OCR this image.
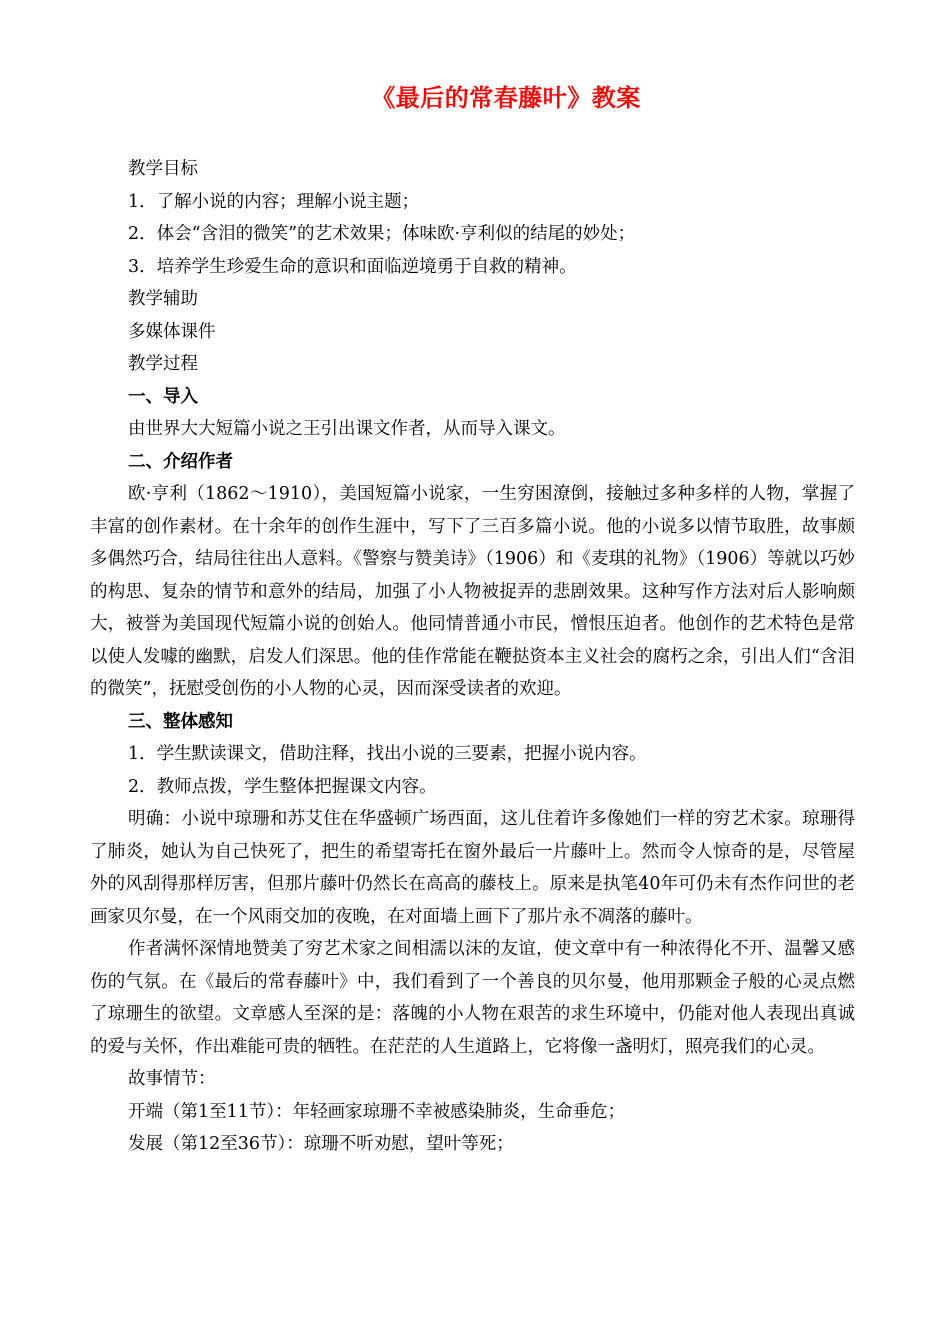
《最后的常春藤叶》教案

教学目标

1．了解小说的内容；理解小说主题；

2．体会“含泪的微笑”的艺术效果；体味欧·亨利似的结尾的妙处；

3．培养学生珍爱生命的意识和面临逆境勇于自救的精神。

教学辅助

多媒体课件

教学过程

一、导入

由世界大大短篇小说之王引出课文作者，从而导入课文。

二、介绍作者

欧·亨利（1862～1910），美国短篇小说家，一生穷困潦倒，接触过多种多样的人物，掌握了丰富的创作素材。在十余年的创作生涯中，写下了三百多篇小说。他的小说多以情节取胜，故事颇多偶然巧合，结局往往出人意料。《警察与赞美诗》（1906）和《麦琪的礼物》（1906）等就以巧妙的构思、复杂的情节和意外的结局，加强了小人物被捉弄的悲剧效果。这种写作方法对后人影响颇大，被誉为美国现代短篇小说的创始人。他同情普通小市民，憎恨压迫者。他创作的艺术特色是常以使人发噱的幽默，启发人们深思。他的佳作常能在鞭挞资本主义社会的腐朽之余，引出人们“含泪的微笑”，抚慰受创伤的小人物的心灵，因而深受读者的欢迎。

三、整体感知

1．学生默读课文，借助注释，找出小说的三要素，把握小说内容。

2．教师点拨，学生整体把握课文内容。

明确：小说中琼珊和苏艾住在华盛顿广场西面，这儿住着许多像她们一样的穷艺术家。琼珊得了肺炎，她认为自己快死了，把生的希望寄托在窗外最后一片藤叶上。然而令人惊奇的是，尽管屋外的风刮得那样厉害，但那片藤叶仍然长在高高的藤枝上。原来是执笔40年可仍未有杰作问世的老画家贝尔曼，在一个风雨交加的夜晚，在对面墙上画下了那片永不凋落的藤叶。

作者满怀深情地赞美了穷艺术家之间相濡以沫的友谊，使文章中有一种浓得化不开、温馨又感伤的气氛。在《最后的常春藤叶》中，我们看到了一个善良的贝尔曼，他用那颗金子般的心灵点燃了琼珊生的欲望。文章感人至深的是：落魄的小人物在艰苦的求生环境中，仍能对他人表现出真诚的爱与关怀，作出难能可贵的牺牲。在茫茫的人生道路上，它将像一盏明灯，照亮我们的心灵。

故事情节：

开端（第1至11节）：年轻画家琼珊不幸被感染肺炎，生命垂危；

发展（第12至36节）：琼珊不听劝慰，望叶等死；
